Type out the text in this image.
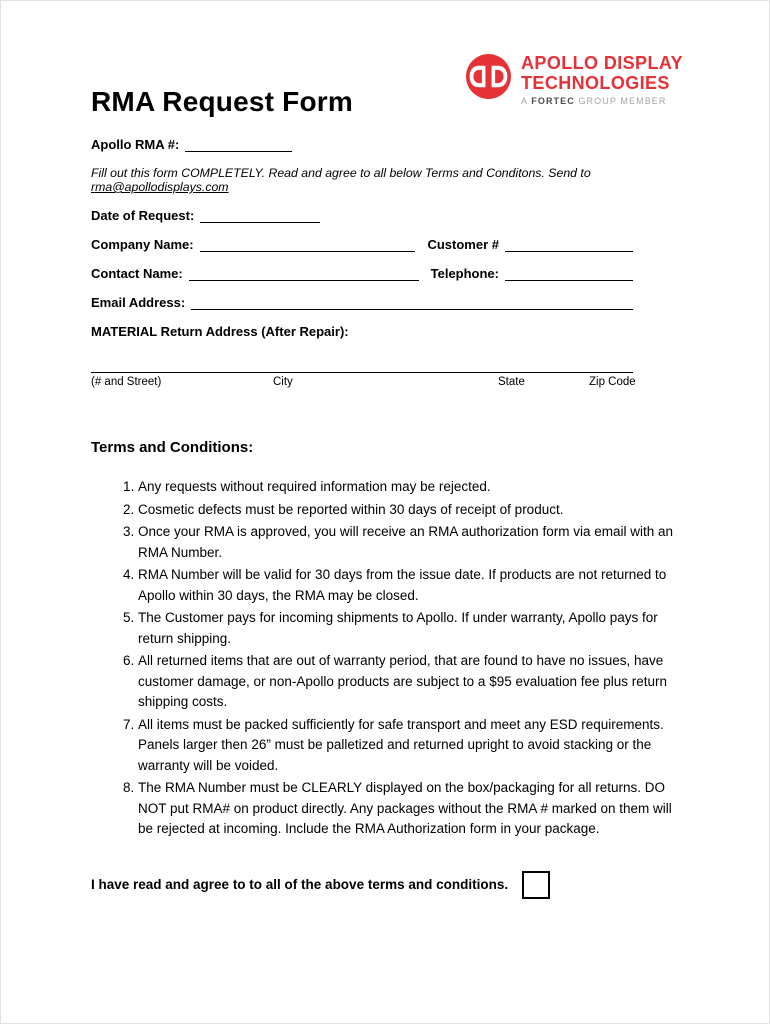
APOLLO DISPLAY
TECHNOLOGIES
A FORTEC GROUP MEMBER
RMA Request Form
Apollo RMA #:

Fill out this form COMPLETELY. Read and agree to all below Terms and Conditons. Send to rma@apollodisplays.com

Date of Request:
Company Name:	Customer #
Contact Name:	Telephone:
Email Address:
MATERIAL Return Address (After Repair):
(# and Street)	City	State	Zip Code
Terms and Conditions:
1. Any requests without required information may be rejected.
2. Cosmetic defects must be reported within 30 days of receipt of product.
3. Once your RMA is approved, you will receive an RMA authorization form via email with an RMA Number.
4. RMA Number will be valid for 30 days from the issue date. If products are not returned to Apollo within 30 days, the RMA may be closed.
5. The Customer pays for incoming shipments to Apollo. If under warranty, Apollo pays for return shipping.
6. All returned items that are out of warranty period, that are found to have no issues, have customer damage, or non-Apollo products are subject to a $95 evaluation fee plus return shipping costs.
7. All items must be packed sufficiently for safe transport and meet any ESD requirements. Panels larger then 26” must be palletized and returned upright to avoid stacking or the warranty will be voided.
8. The RMA Number must be CLEARLY displayed on the box/packaging for all returns. DO NOT put RMA# on product directly. Any packages without the RMA # marked on them will be rejected at incoming. Include the RMA Authorization form in your package.
I have read and agree to to all of the above terms and conditions.
